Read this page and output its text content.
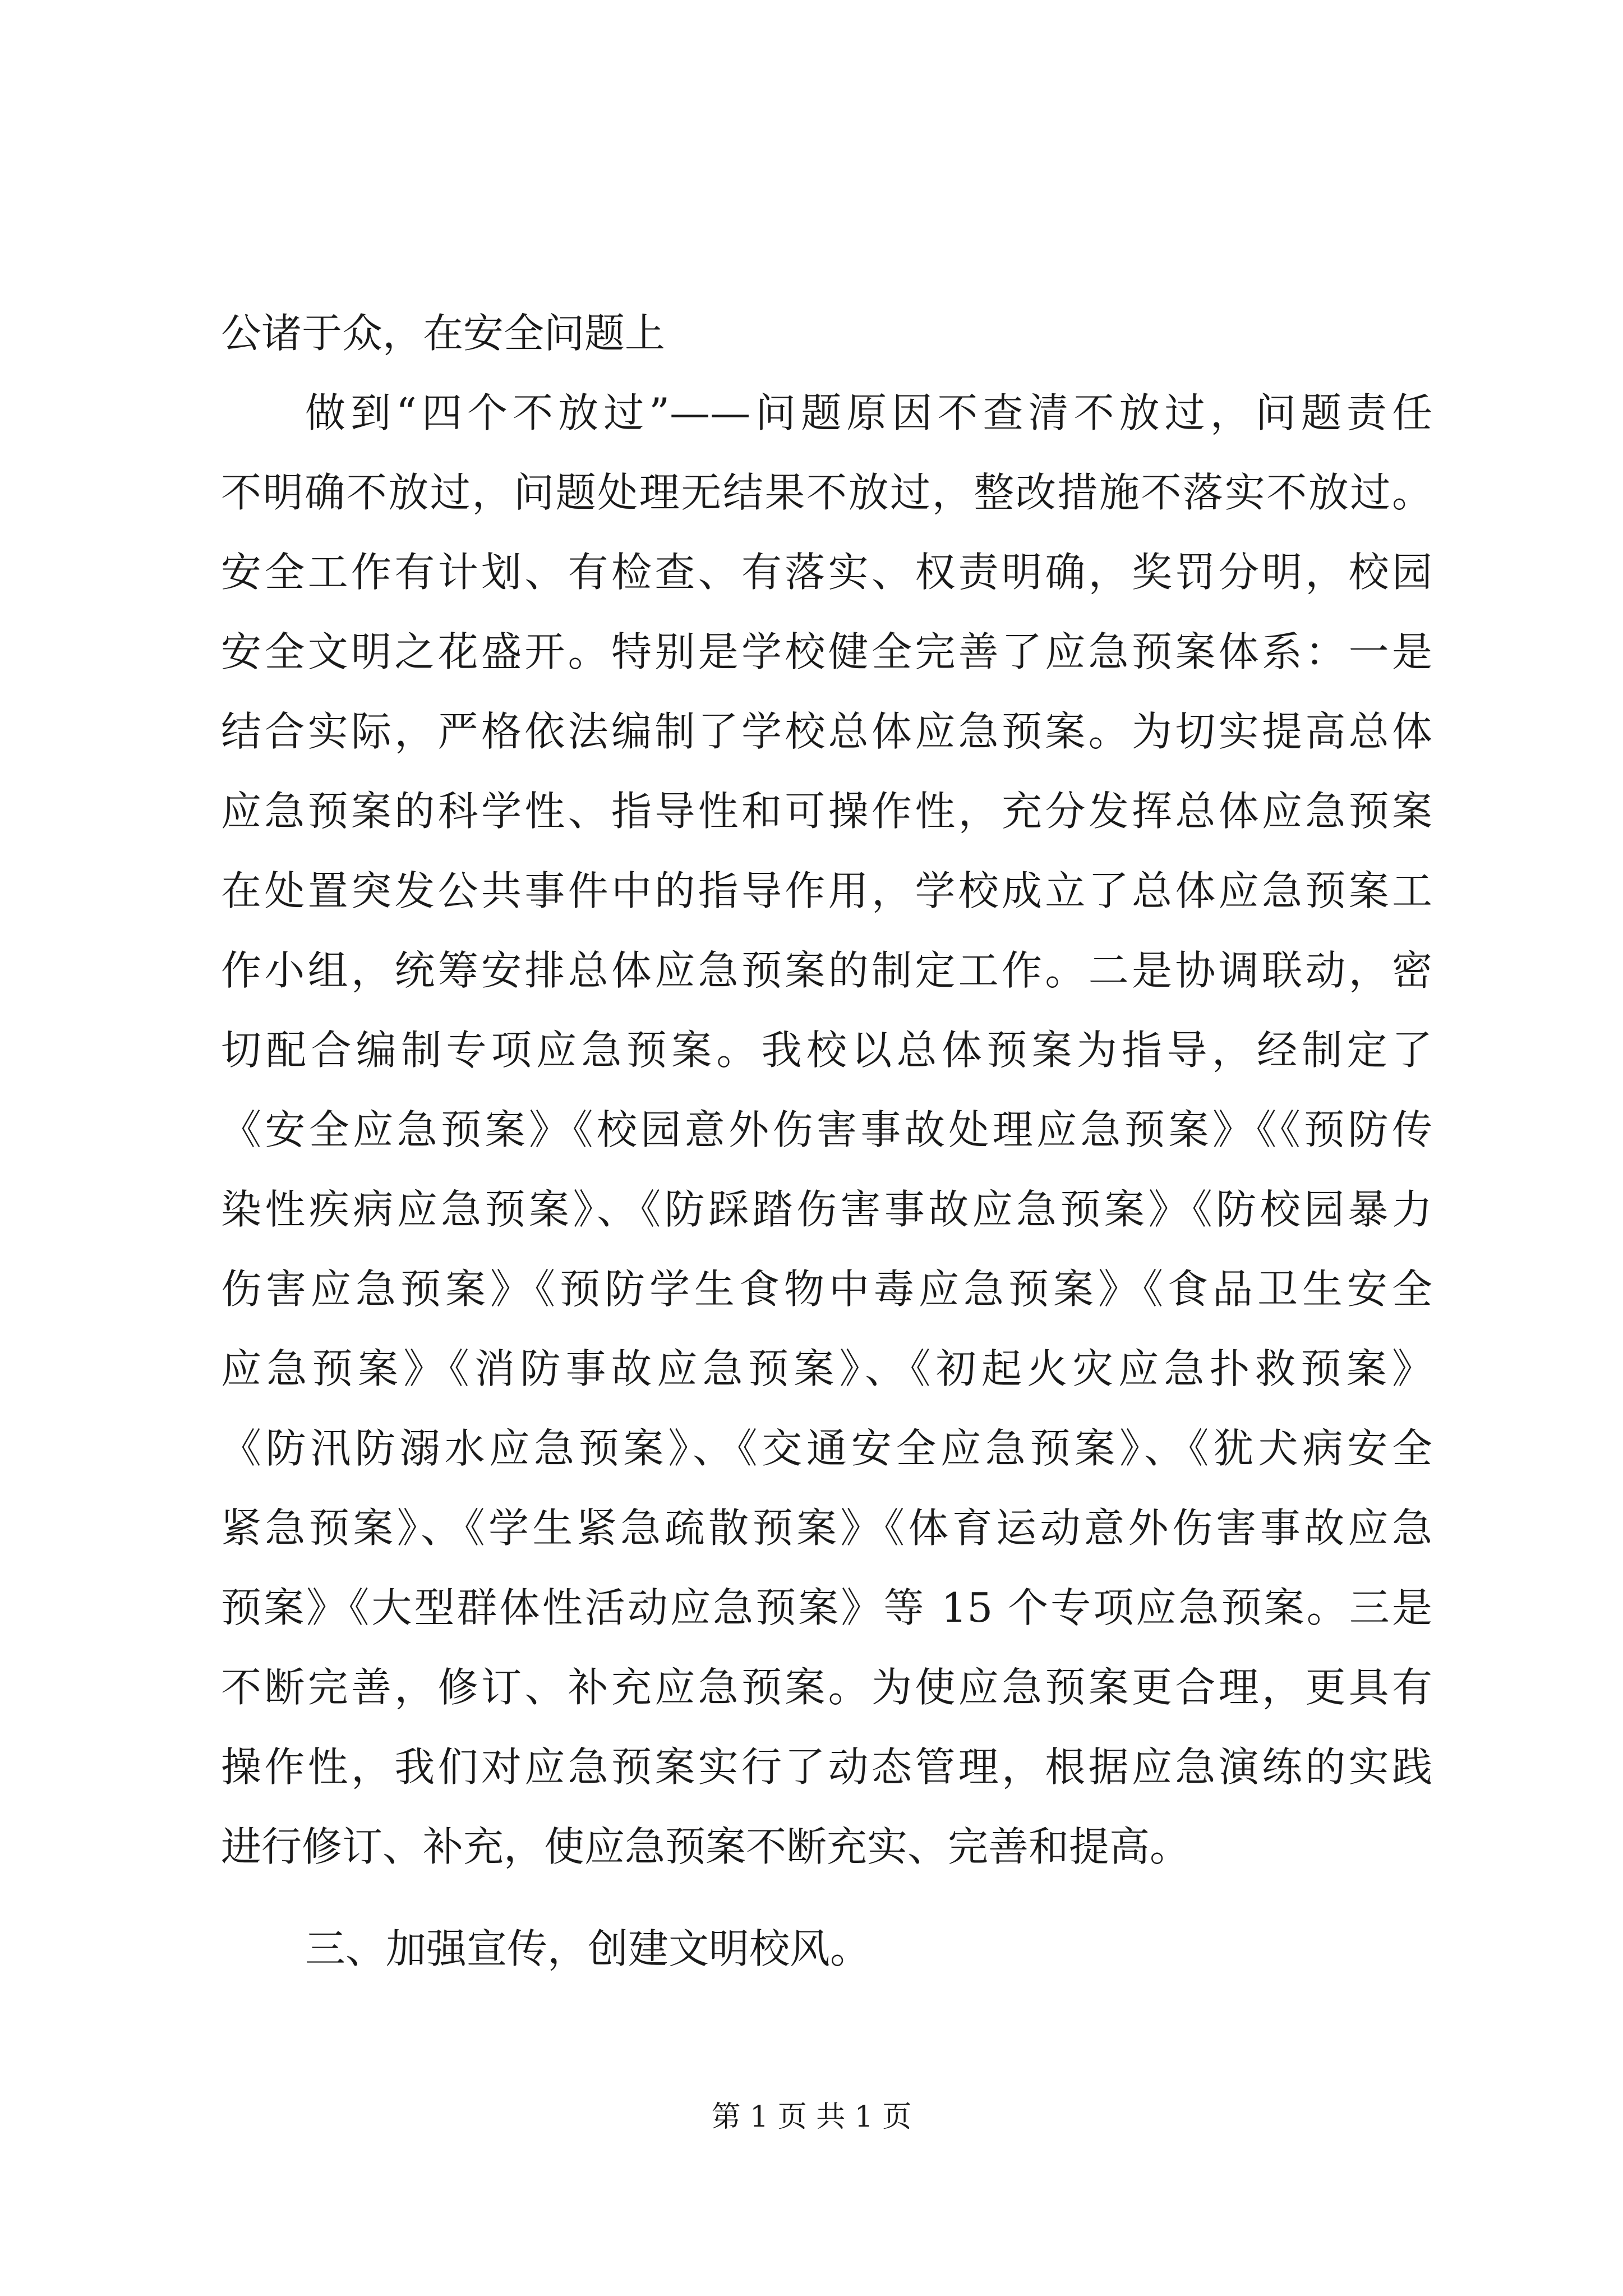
公诸于众，在安全问题上
做到“四个不放过”——问题原因不查清不放过，问题责任
不明确不放过，问题处理无结果不放过，整改措施不落实不放过。
安全工作有计划、有检查、有落实、权责明确，奖罚分明，校园
安全文明之花盛开。特别是学校健全完善了应急预案体系：一是
结合实际，严格依法编制了学校总体应急预案。为切实提高总体
应急预案的科学性、指导性和可操作性，充分发挥总体应急预案
在处置突发公共事件中的指导作用，学校成立了总体应急预案工
作小组，统筹安排总体应急预案的制定工作。二是协调联动，密
切配合编制专项应急预案。我校以总体预案为指导，经制定了
《安全应急预案》《校园意外伤害事故处理应急预案》《《预防传
染性疾病应急预案》、《防踩踏伤害事故应急预案》《防校园暴力
伤害应急预案》《预防学生食物中毒应急预案》《食品卫生安全
应急预案》《消防事故应急预案》、《初起火灾应急扑救预案》
《防汛防溺水应急预案》、《交通安全应急预案》、《犹犬病安全
紧急预案》、《学生紧急疏散预案》《体育运动意外伤害事故应急
预案》《大型群体性活动应急预案》等 15 个专项应急预案。三是
不断完善，修订、补充应急预案。为使应急预案更合理，更具有
操作性，我们对应急预案实行了动态管理，根据应急演练的实践
进行修订、补充，使应急预案不断充实、完善和提高。
三、加强宣传，创建文明校风。
第 1 页 共 1 页
